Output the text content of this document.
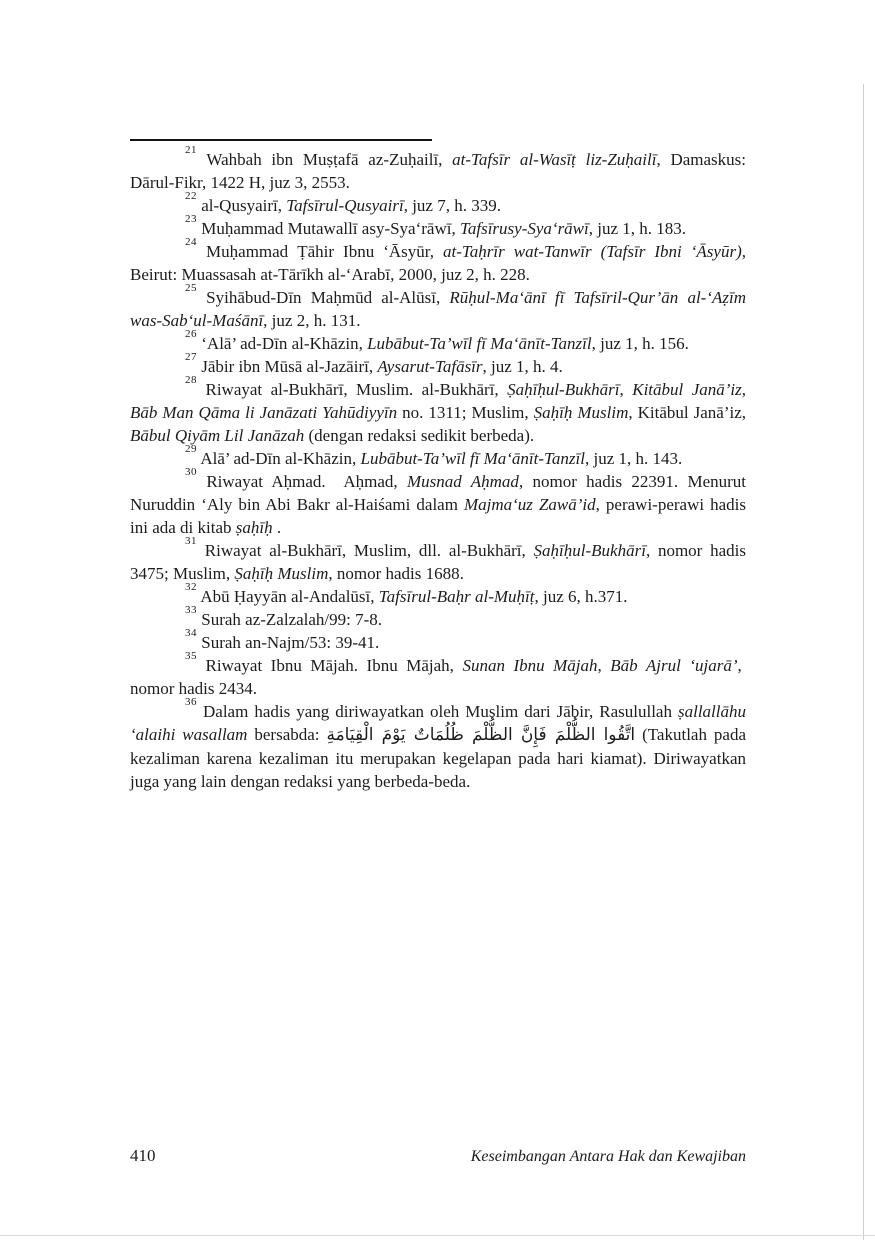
$^{21}$ Wahbah ibn Muṣṭafā az-Zuḥailī, at-Tafsīr al-Wasīṭ liz-Zuḥailī, Damaskus: Dārul-Fikr, 1422 H, juz 3, 2553.

$^{22}$ al-Qusyairī, Tafsīrul-Qusyairī, juz 7, h. 339.

$^{23}$ Muḥammad Mutawallī asy-Sya‘rāwī, Tafsīrusy-Sya‘rāwī, juz 1, h. 183.

$^{24}$ Muḥammad Ṭāhir Ibnu ‘Āsyūr, at-Taḥrīr wat-Tanwīr (Tafsīr Ibni ‘Āsyūr), Beirut: Muassasah at-Tārīkh al-‘Arabī, 2000, juz 2, h. 228.

$^{25}$ Syihābud-Dīn Maḥmūd al-Alūsī, Rūḥul-Ma‘ānī fī Tafsīril-Qur’ān al-‘Aẓīm was-Sab‘ul-Maśānī, juz 2, h. 131.

$^{26}$ ‘Alā’ ad-Dīn al-Khāzin, Lubābut-Ta’wīl fī Ma‘ānīt-Tanzīl, juz 1, h. 156.

$^{27}$ Jābir ibn Mūsā al-Jazāirī, Aysarut-Tafāsīr, juz 1, h. 4.

$^{28}$ Riwayat al-Bukhārī, Muslim. al-Bukhārī, Ṣaḥīḥul-Bukhārī, Kitābul Janā’iz, Bāb Man Qāma li Janāzati Yahūdiyyīn no. 1311; Muslim, Ṣaḥīḥ Muslim, Kitābul Janā’iz, Bābul Qiyām Lil Janāzah (dengan redaksi sedikit berbeda).

$^{29}$ Alā’ ad-Dīn al-Khāzin, Lubābut-Ta’wīl fī Ma‘ānīt-Tanzīl, juz 1, h. 143.

$^{30}$ Riwayat Aḥmad.  Aḥmad, Musnad Aḥmad, nomor hadis 22391. Menurut Nuruddin ‘Aly bin Abi Bakr al-Haiśami dalam Majma‘uz Zawā’id, perawi-perawi hadis ini ada di kitab ṣaḥīḥ .

$^{31}$ Riwayat al-Bukhārī, Muslim, dll. al-Bukhārī, Ṣaḥīḥul-Bukhārī, nomor hadis 3475; Muslim, Ṣaḥīḥ Muslim, nomor hadis 1688.

$^{32}$ Abū Ḥayyān al-Andalūsī, Tafsīrul-Baḥr al-Muḥīṭ, juz 6, h.371.

$^{33}$ Surah az-Zalzalah/99: 7-8.

$^{34}$ Surah an-Najm/53: 39-41.

$^{35}$ Riwayat Ibnu Mājah. Ibnu Mājah, Sunan Ibnu Mājah, Bāb Ajrul ‘ujarā’,  nomor hadis 2434.

$^{36}$ Dalam hadis yang diriwayatkan oleh Muslim dari Jābir, Rasulullah ṣallallāhu ‘alaihi wasallam bersabda: اتَّقُوا الظُّلْمَ فَإِنَّ الظُّلْمَ ظُلُمَاتٌ يَوْمَ الْقِيَامَةِ (Takutlah pada kezaliman karena kezaliman itu merupakan kegelapan pada hari kiamat). Diriwayatkan juga yang lain dengan redaksi yang berbeda-beda.

410	Keseimbangan Antara Hak dan Kewajiban
